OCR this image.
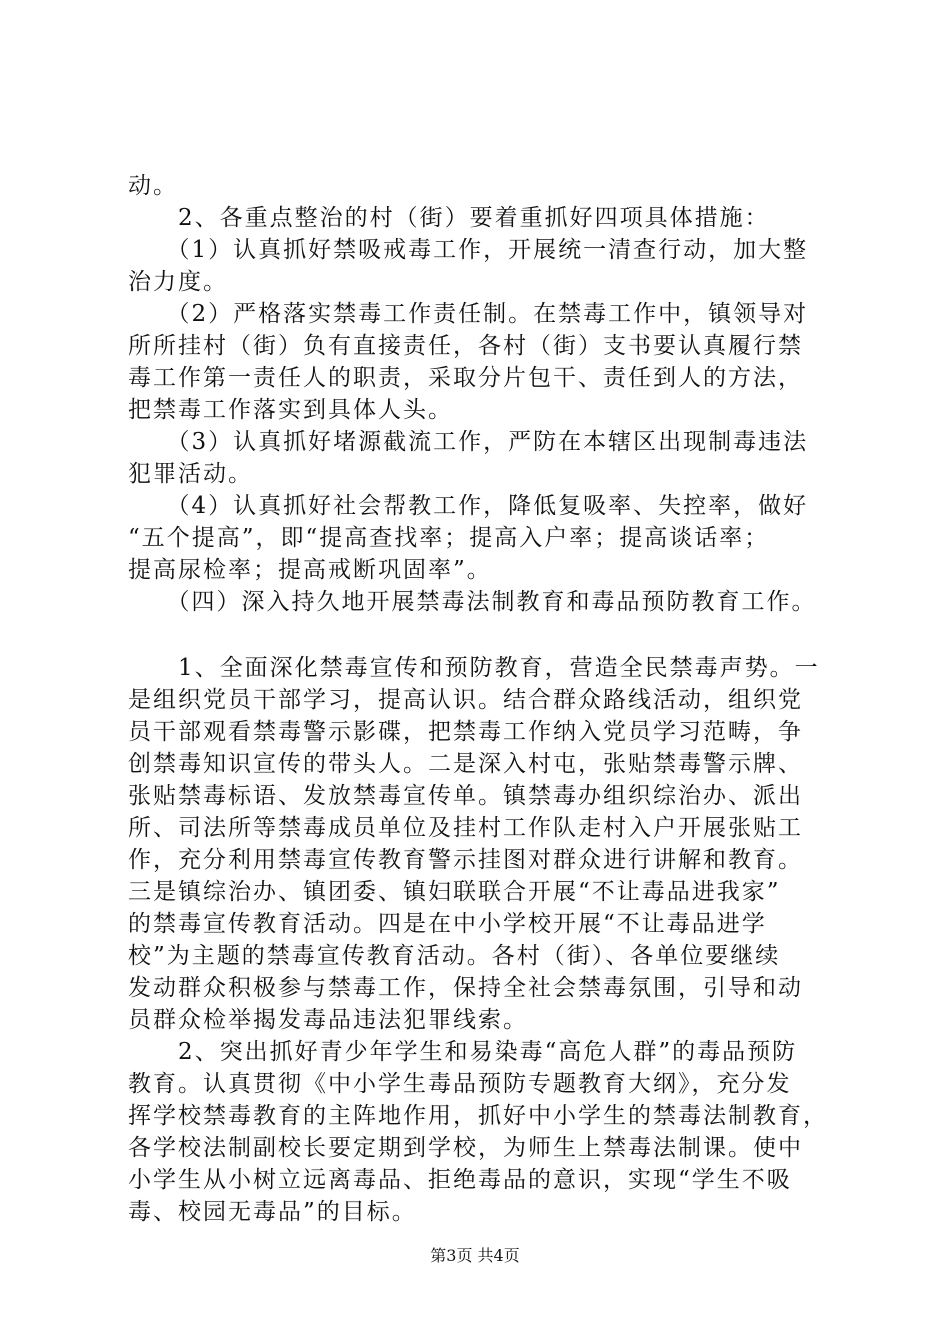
动。
　　2、各重点整治的村（街）要着重抓好四项具体措施：
　　（1）认真抓好禁吸戒毒工作，开展统一清查行动，加大整
治力度。
　　（2）严格落实禁毒工作责任制。在禁毒工作中，镇领导对
所所挂村（街）负有直接责任，各村（街）支书要认真履行禁
毒工作第一责任人的职责，采取分片包干、责任到人的方法，
把禁毒工作落实到具体人头。
　　（3）认真抓好堵源截流工作，严防在本辖区出现制毒违法
犯罪活动。
　　（4）认真抓好社会帮教工作，降低复吸率、失控率，做好
“五个提高”，即“提高查找率；提高入户率；提高谈话率；
提高尿检率；提高戒断巩固率”。
　　（四）深入持久地开展禁毒法制教育和毒品预防教育工作。
　　1、全面深化禁毒宣传和预防教育，营造全民禁毒声势。一
是组织党员干部学习，提高认识。结合群众路线活动，组织党
员干部观看禁毒警示影碟，把禁毒工作纳入党员学习范畴，争
创禁毒知识宣传的带头人。二是深入村屯，张贴禁毒警示牌、
张贴禁毒标语、发放禁毒宣传单。镇禁毒办组织综治办、派出
所、司法所等禁毒成员单位及挂村工作队走村入户开展张贴工
作，充分利用禁毒宣传教育警示挂图对群众进行讲解和教育。
三是镇综治办、镇团委、镇妇联联合开展“不让毒品进我家”
的禁毒宣传教育活动。四是在中小学校开展“不让毒品进学
校”为主题的禁毒宣传教育活动。各村（街）、各单位要继续
发动群众积极参与禁毒工作，保持全社会禁毒氛围，引导和动
员群众检举揭发毒品违法犯罪线索。
　　2、突出抓好青少年学生和易染毒“高危人群”的毒品预防
教育。认真贯彻《中小学生毒品预防专题教育大纲》，充分发
挥学校禁毒教育的主阵地作用，抓好中小学生的禁毒法制教育，
各学校法制副校长要定期到学校，为师生上禁毒法制课。使中
小学生从小树立远离毒品、拒绝毒品的意识，实现“学生不吸
毒、校园无毒品”的目标。
第3页 共4页
